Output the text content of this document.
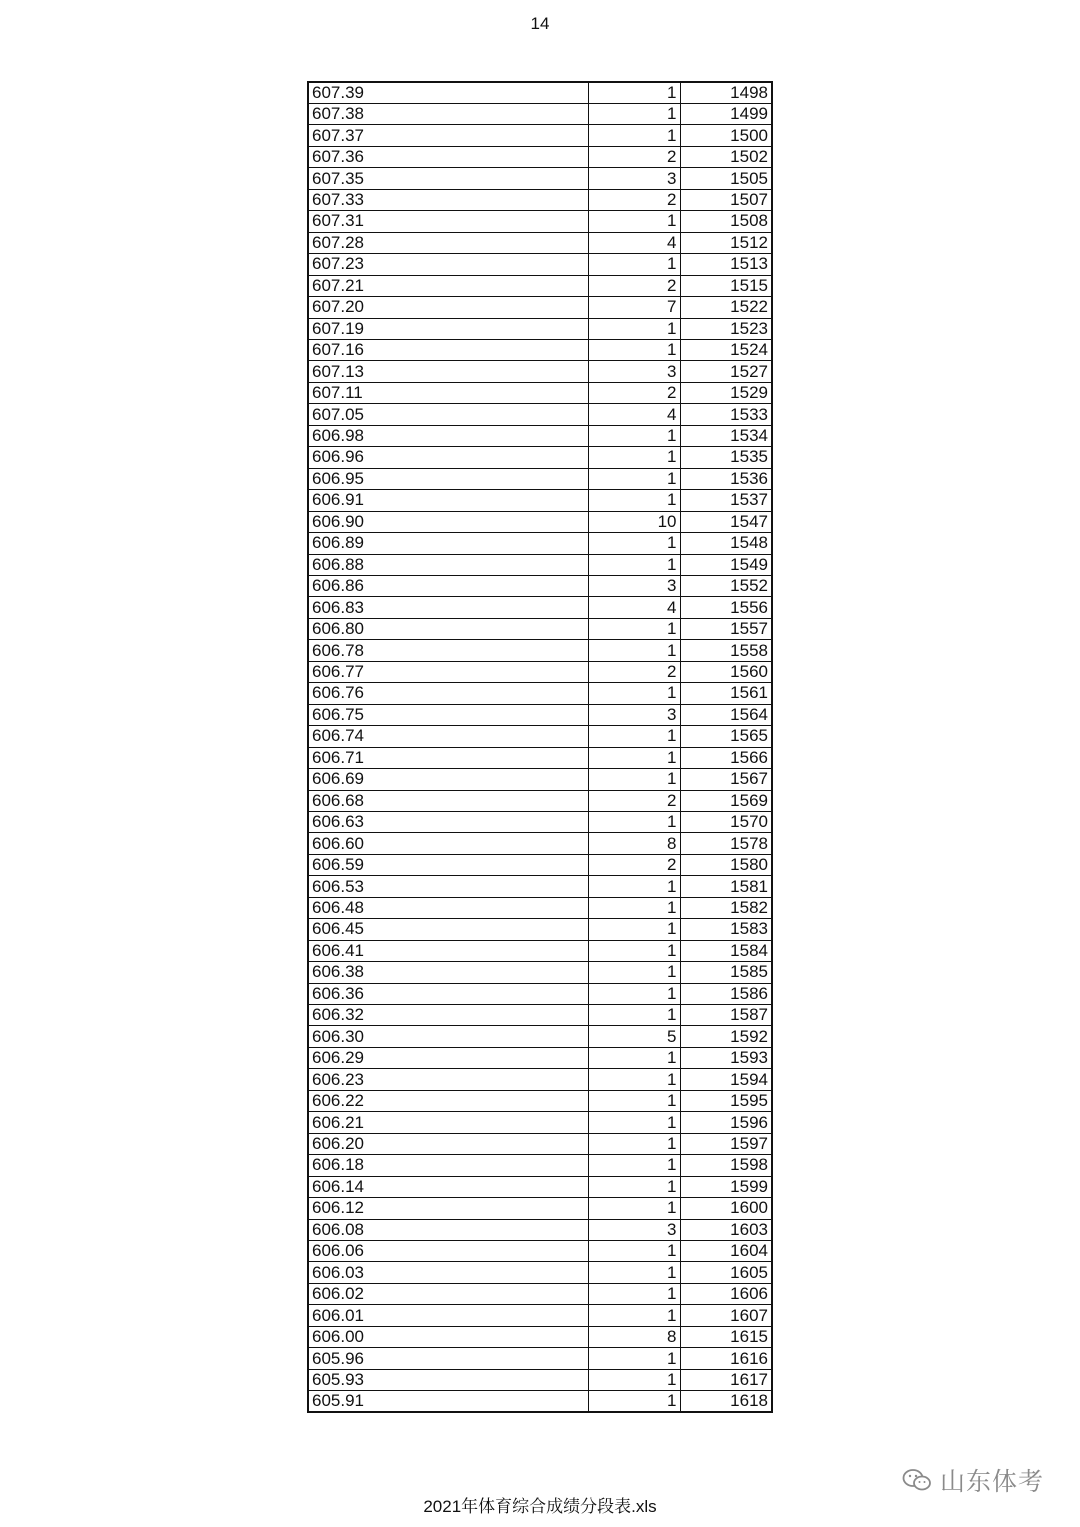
14
607.39	1	1498
607.38	1	1499
607.37	1	1500
607.36	2	1502
607.35	3	1505
607.33	2	1507
607.31	1	1508
607.28	4	1512
607.23	1	1513
607.21	2	1515
607.20	7	1522
607.19	1	1523
607.16	1	1524
607.13	3	1527
607.11	2	1529
607.05	4	1533
606.98	1	1534
606.96	1	1535
606.95	1	1536
606.91	1	1537
606.90	10	1547
606.89	1	1548
606.88	1	1549
606.86	3	1552
606.83	4	1556
606.80	1	1557
606.78	1	1558
606.77	2	1560
606.76	1	1561
606.75	3	1564
606.74	1	1565
606.71	1	1566
606.69	1	1567
606.68	2	1569
606.63	1	1570
606.60	8	1578
606.59	2	1580
606.53	1	1581
606.48	1	1582
606.45	1	1583
606.41	1	1584
606.38	1	1585
606.36	1	1586
606.32	1	1587
606.30	5	1592
606.29	1	1593
606.23	1	1594
606.22	1	1595
606.21	1	1596
606.20	1	1597
606.18	1	1598
606.14	1	1599
606.12	1	1600
606.08	3	1603
606.06	1	1604
606.03	1	1605
606.02	1	1606
606.01	1	1607
606.00	8	1615
605.96	1	1616
605.93	1	1617
605.91	1	1618
2021年体育综合成绩分段表.xls
山东体考
